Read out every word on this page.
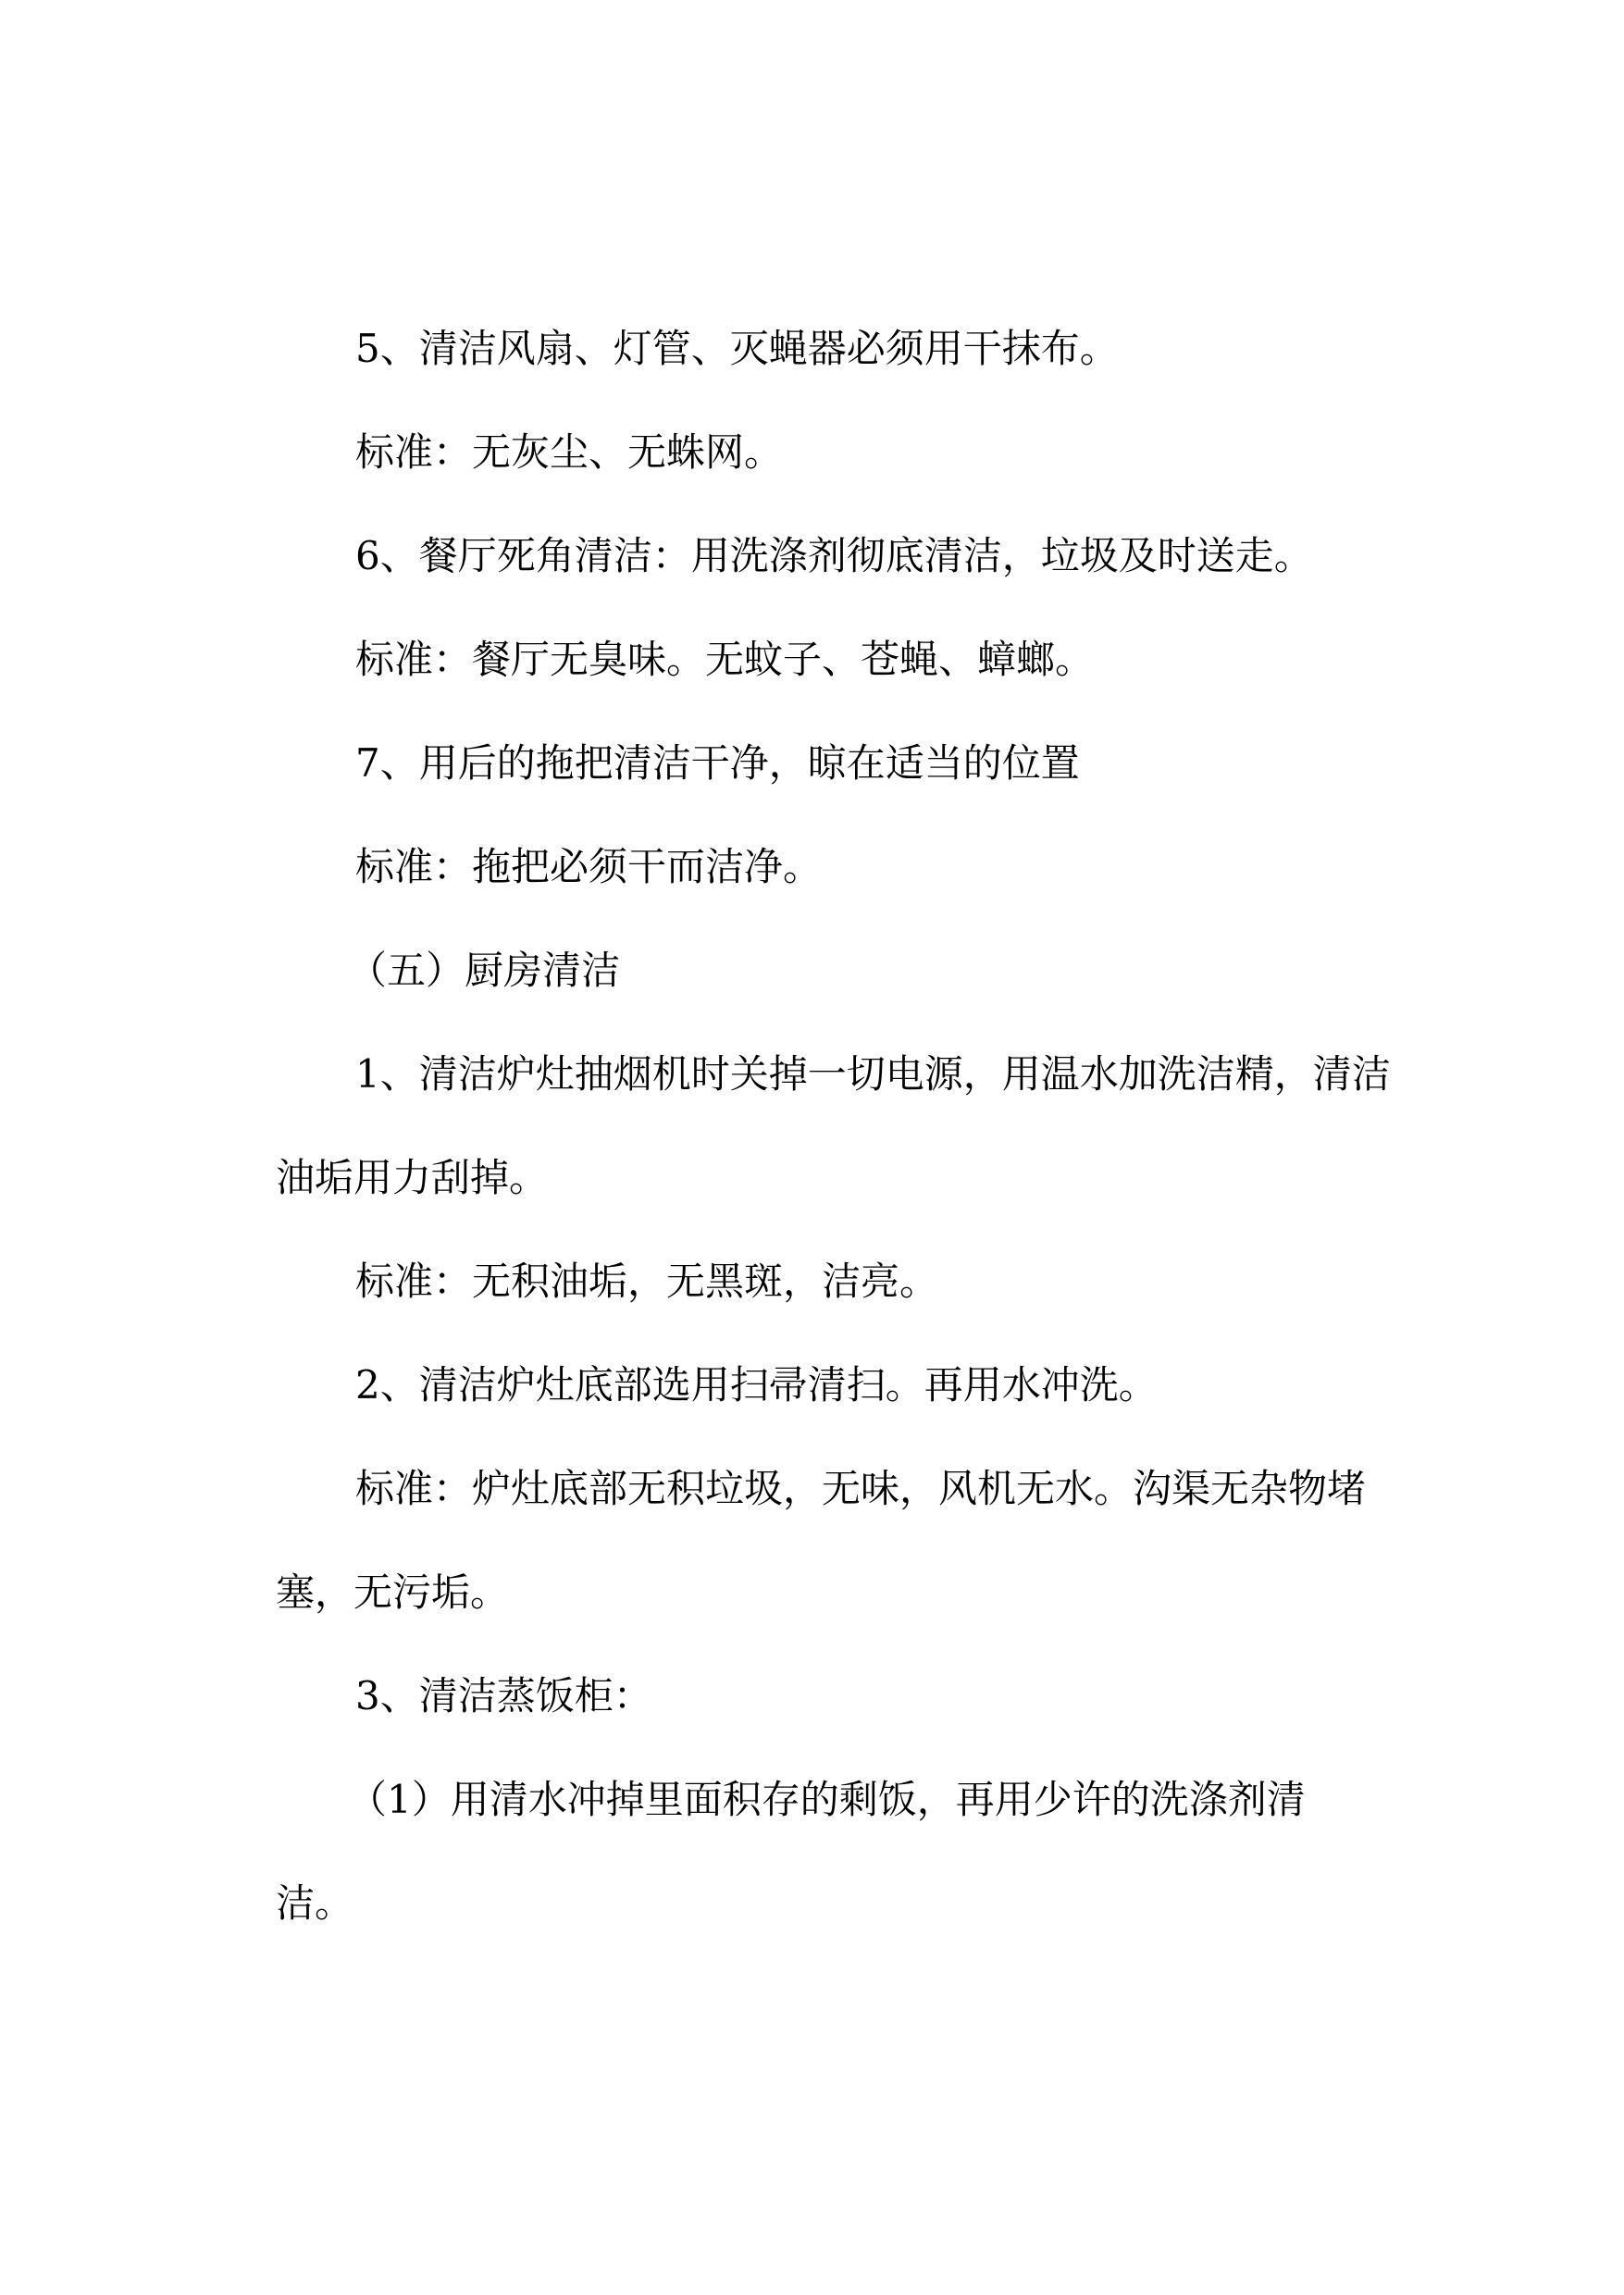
5、清洁风扇、灯管、灭蝇器必须用干抹布。

标准：无灰尘、无蛛网。

6、餐厅死角清洁：用洗涤剂彻底清洁，垃圾及时送走。

标准：餐厅无臭味。无蚊子、苍蝇、蟑螂。

7、用后的拖把清洁干净，晾在适当的位置

标准：拖把必须干而洁净。

（五）厨房清洁

1、清洁炉灶抽烟机时关掉一切电源，用温水加洗洁精，清洁

油垢用力刮掉。

标准：无积油垢，无黑斑，洁亮。

2、清洁炉灶底部选用扫帚清扫。再用水冲洗。

标准：炉灶底部无积垃圾，无味，风机无水。沟渠无杂物堵

塞，无污垢。

3、清洁蒸饭柜：

（1）用清水冲掉里面积存的剩饭，再用少许的洗涤剂清

洁。
